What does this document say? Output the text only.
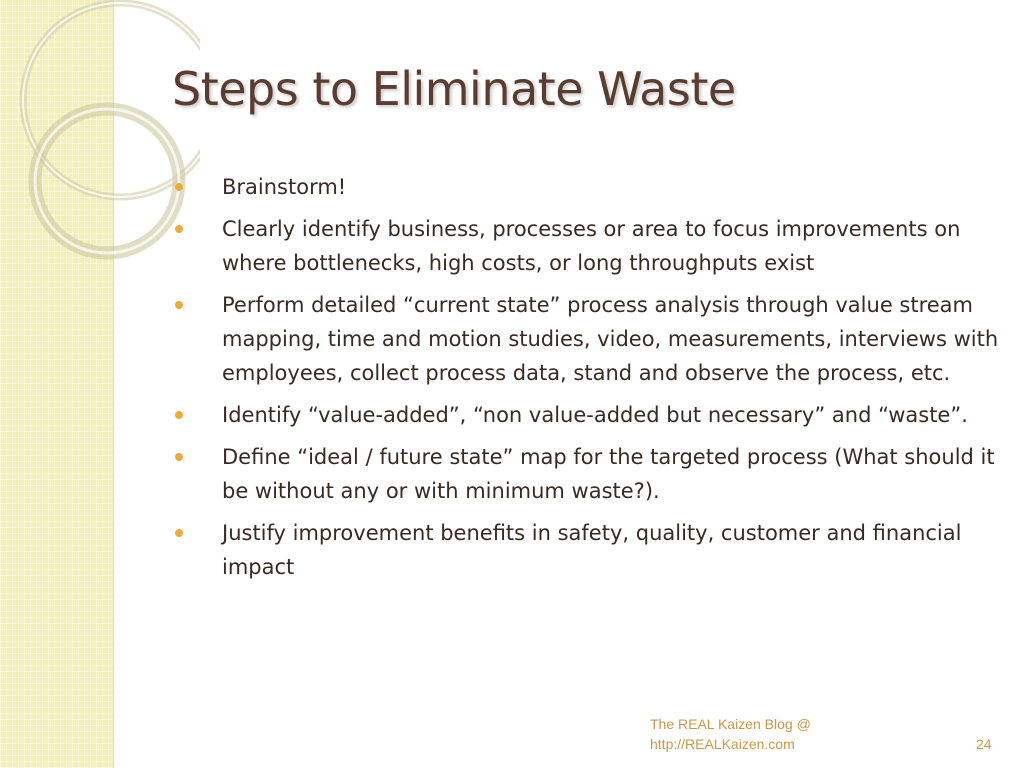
Steps to Eliminate Waste
Brainstorm!
Clearly identify business, processes or area to focus improvements on where bottlenecks, high costs, or long throughputs exist
Perform detailed “current state” process analysis through value stream mapping, time and motion studies, video, measurements, interviews with employees, collect process data, stand and observe the process, etc.
Identify “value-added”, “non value-added but necessary” and “waste”.
Define “ideal / future state” map for the targeted process (What should it be without any or with minimum waste?).
Justify improvement benefits in safety, quality, customer and financial impact
The REAL Kaizen Blog @
http://REALKaizen.com	24
